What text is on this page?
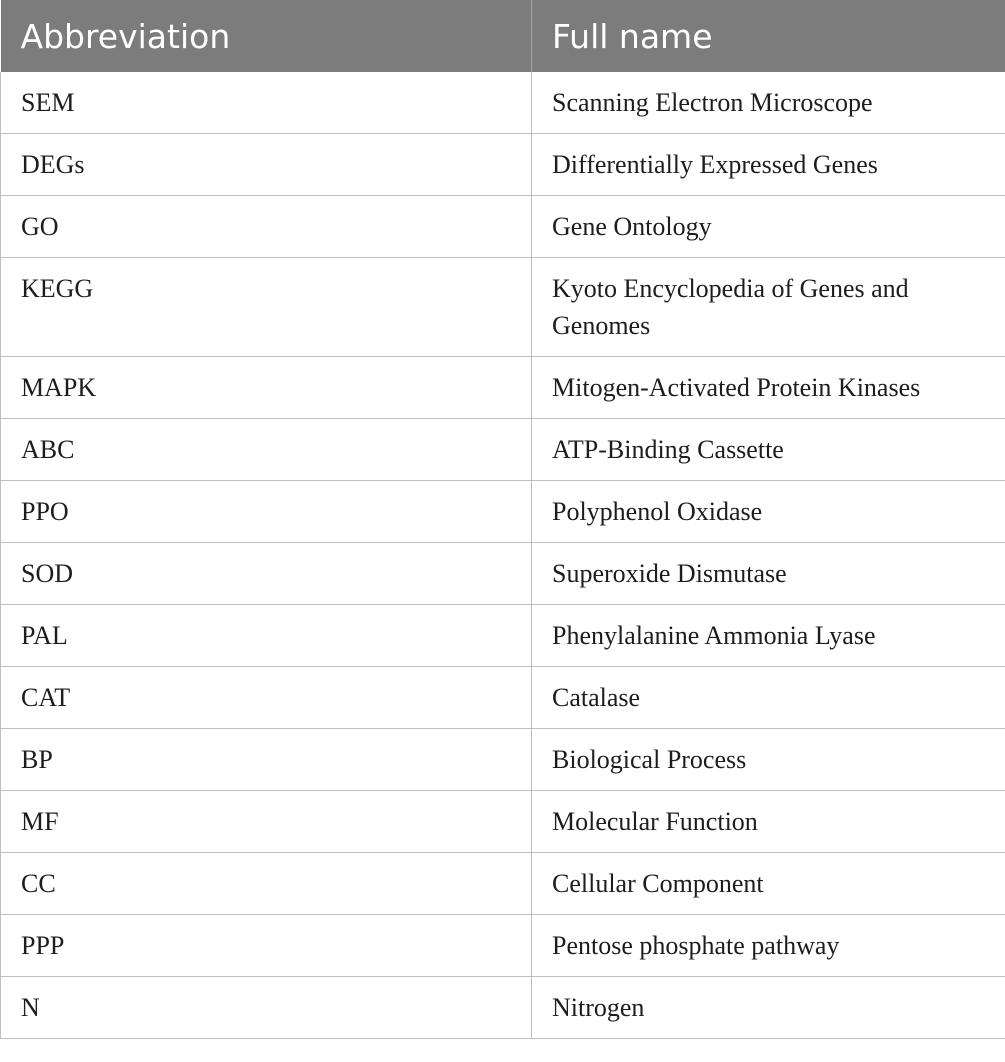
Abbreviation	Full name
SEM	Scanning Electron Microscope
DEGs	Differentially Expressed Genes
GO	Gene Ontology
KEGG	Kyoto Encyclopedia of Genes and Genomes
MAPK	Mitogen-Activated Protein Kinases
ABC	ATP-Binding Cassette
PPO	Polyphenol Oxidase
SOD	Superoxide Dismutase
PAL	Phenylalanine Ammonia Lyase
CAT	Catalase
BP	Biological Process
MF	Molecular Function
CC	Cellular Component
PPP	Pentose phosphate pathway
N	Nitrogen
